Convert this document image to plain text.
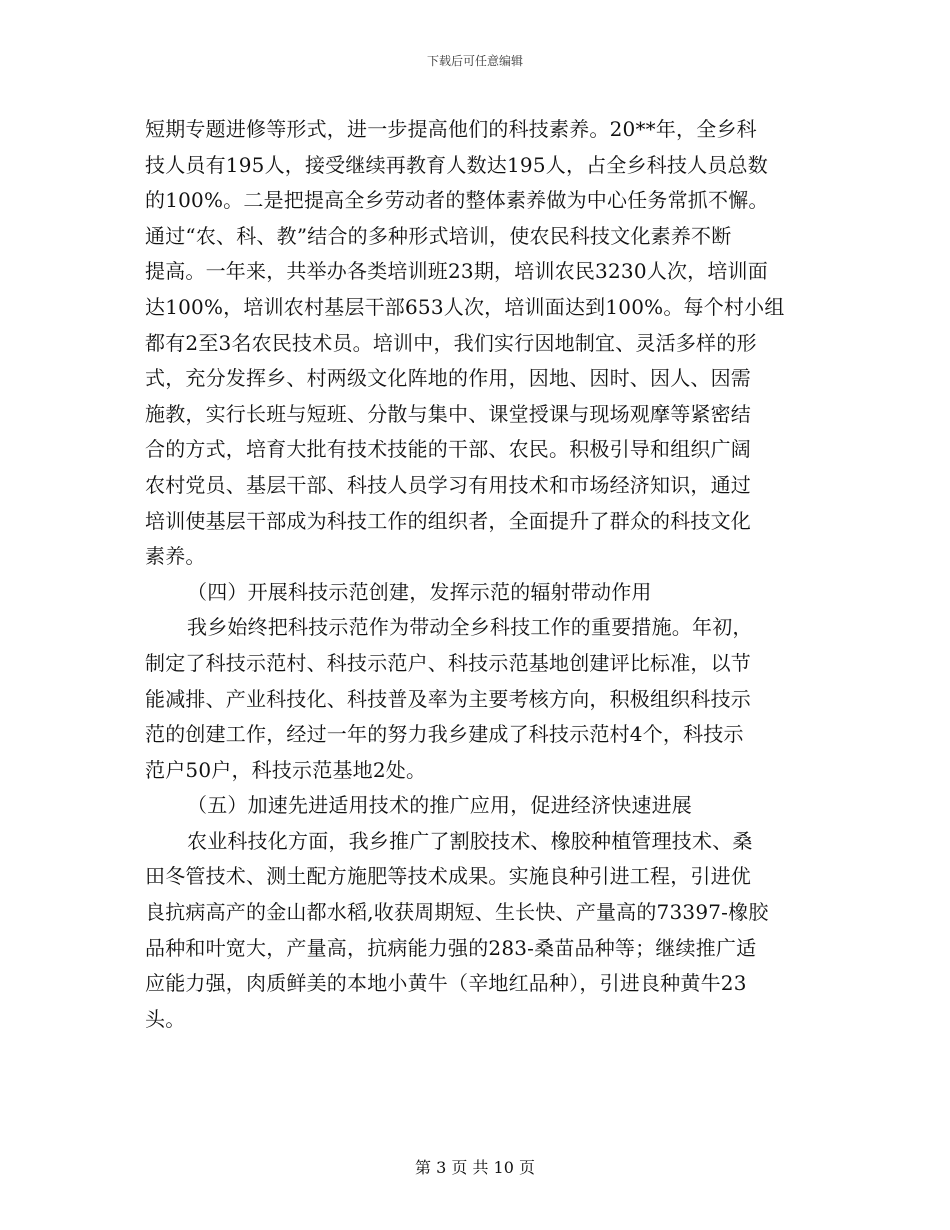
下载后可任意编辑
短期专题进修等形式，进一步提高他们的科技素养。20**年，全乡科
技人员有195人，接受继续再教育人数达195人，占全乡科技人员总数
的100%。二是把提高全乡劳动者的整体素养做为中心任务常抓不懈。
通过“农、科、教”结合的多种形式培训，使农民科技文化素养不断
提高。一年来，共举办各类培训班23期，培训农民3230人次，培训面
达100%，培训农村基层干部653人次，培训面达到100%。每个村小组
都有2至3名农民技术员。培训中，我们实行因地制宜、灵活多样的形
式，充分发挥乡、村两级文化阵地的作用，因地、因时、因人、因需
施教，实行长班与短班、分散与集中、课堂授课与现场观摩等紧密结
合的方式，培育大批有技术技能的干部、农民。积极引导和组织广阔
农村党员、基层干部、科技人员学习有用技术和市场经济知识，通过
培训使基层干部成为科技工作的组织者，全面提升了群众的科技文化
素养。
（四）开展科技示范创建，发挥示范的辐射带动作用
我乡始终把科技示范作为带动全乡科技工作的重要措施。年初，
制定了科技示范村、科技示范户、科技示范基地创建评比标准，以节
能减排、产业科技化、科技普及率为主要考核方向，积极组织科技示
范的创建工作，经过一年的努力我乡建成了科技示范村4个，科技示
范户50户，科技示范基地2处。
（五）加速先进适用技术的推广应用，促进经济快速进展
农业科技化方面，我乡推广了割胶技术、橡胶种植管理技术、桑
田冬管技术、测土配方施肥等技术成果。实施良种引进工程，引进优
良抗病高产的金山都水稻,收获周期短、生长快、产量高的73397-橡胶
品种和叶宽大，产量高，抗病能力强的283-桑苗品种等；继续推广适
应能力强，肉质鲜美的本地小黄牛（辛地红品种），引进良种黄牛23
头。
第 3 页 共 10 页
